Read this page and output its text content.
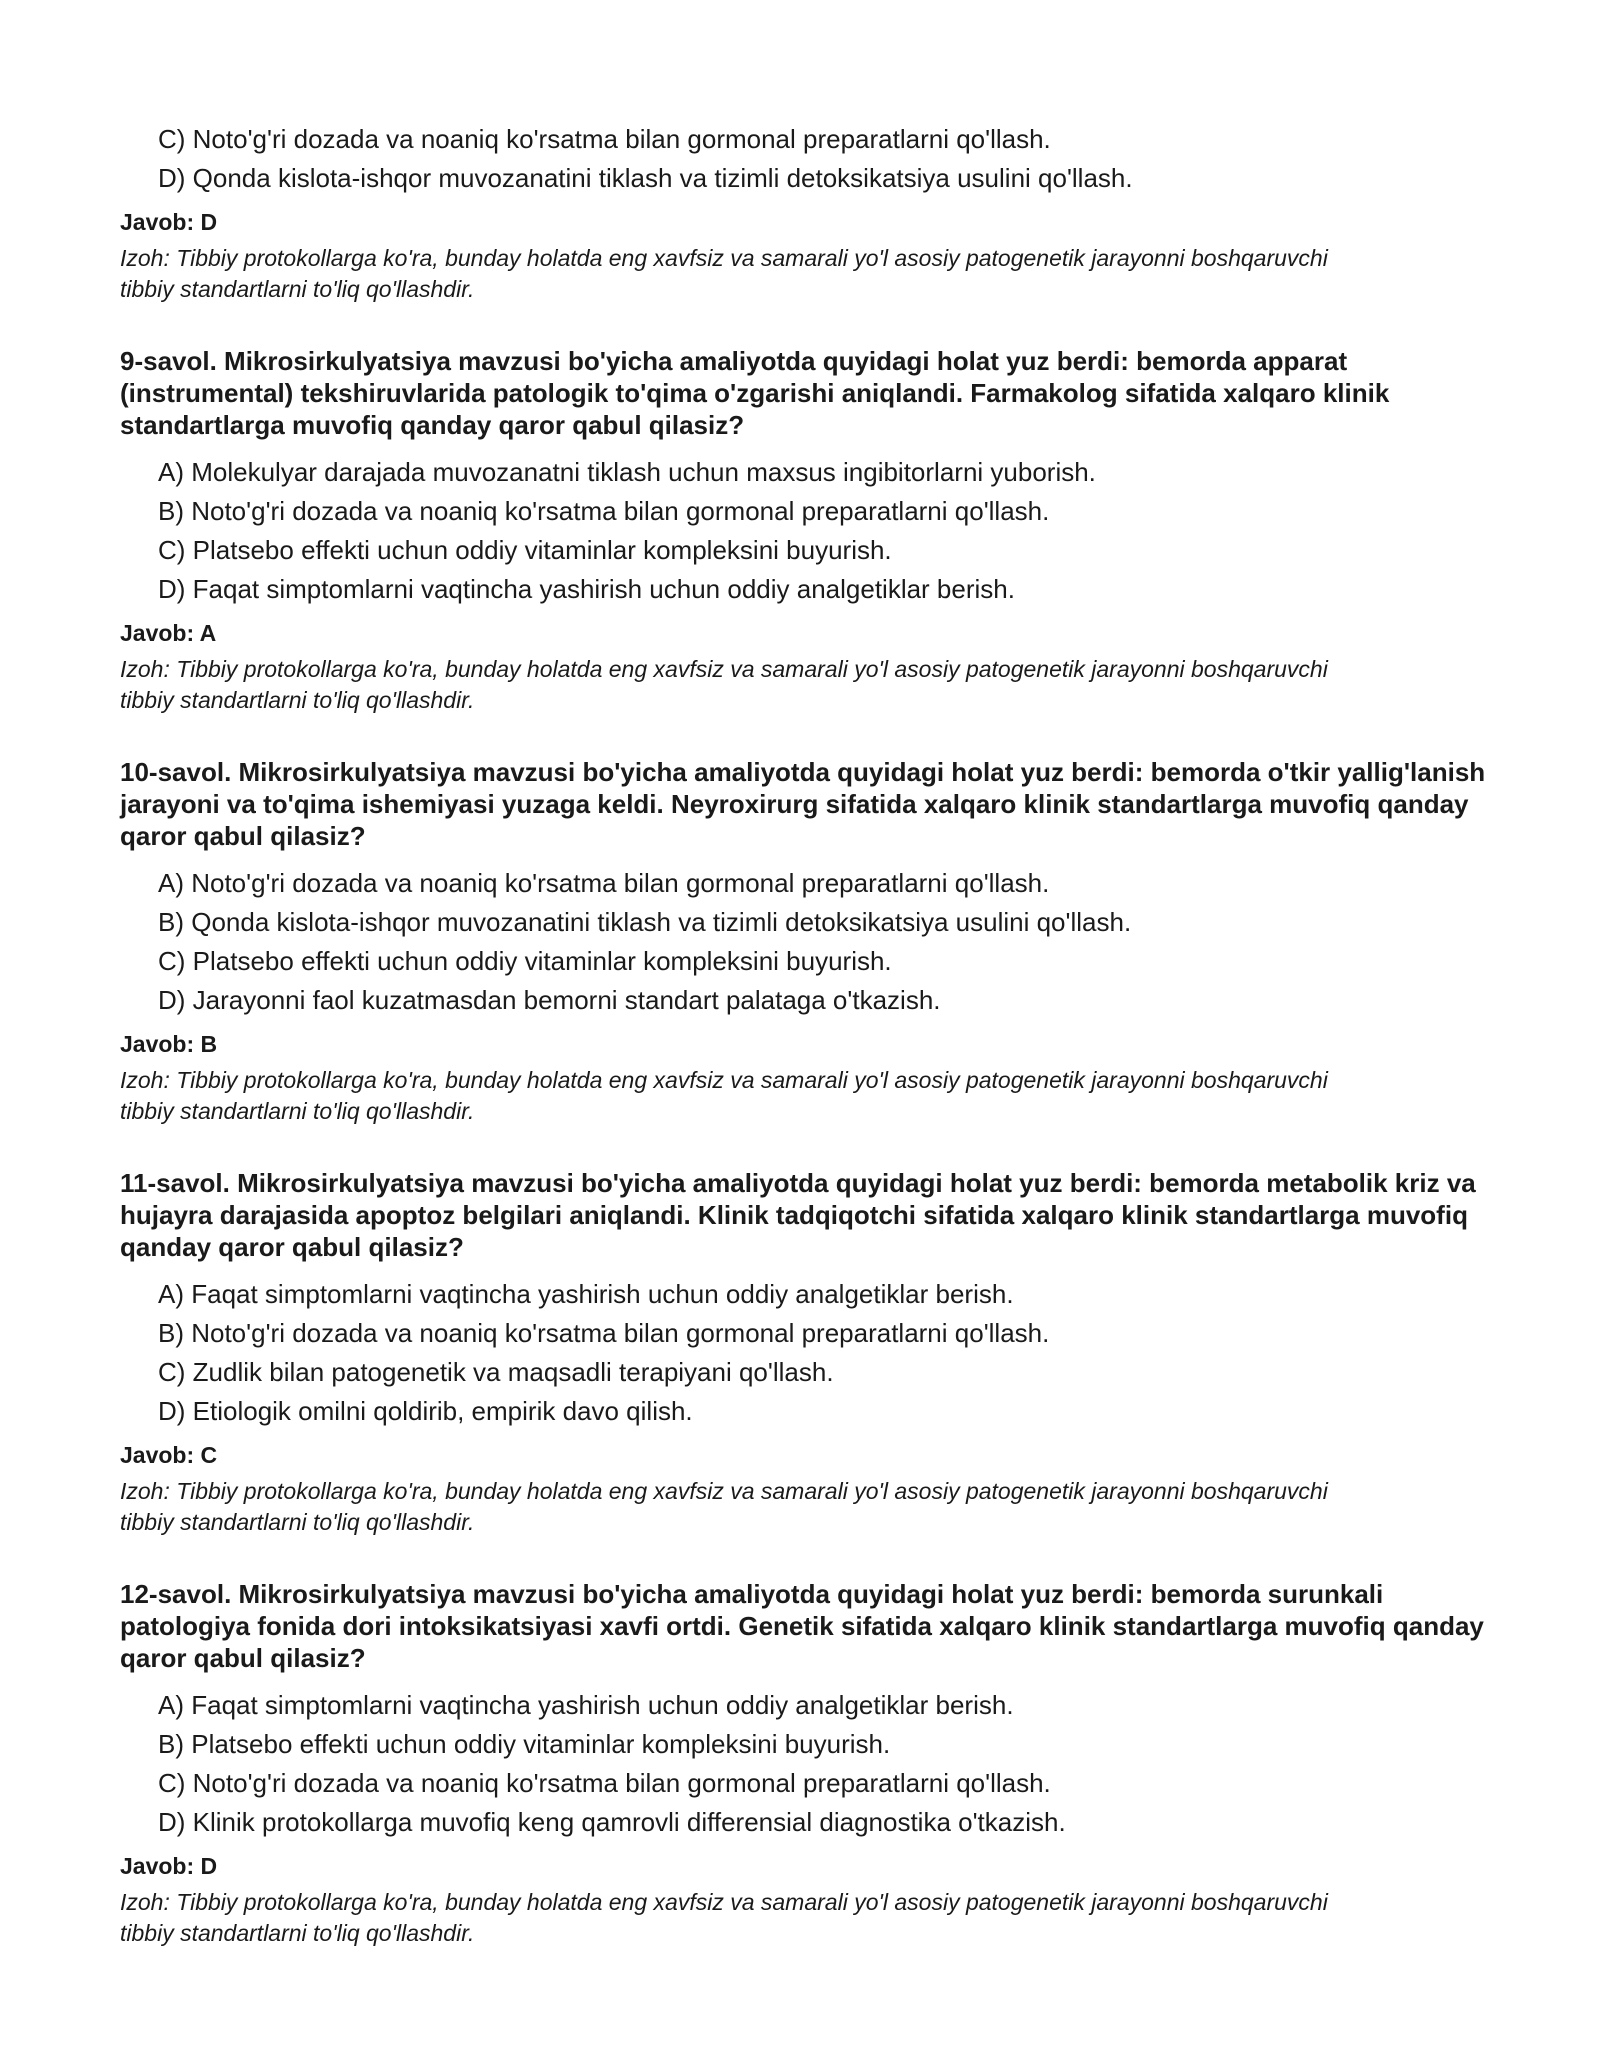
C) Noto'g'ri dozada va noaniq ko'rsatma bilan gormonal preparatlarni qo'llash.
D) Qonda kislota-ishqor muvozanatini tiklash va tizimli detoksikatsiya usulini qo'llash.
Javob: D
Izoh: Tibbiy protokollarga ko'ra, bunday holatda eng xavfsiz va samarali yo'l asosiy patogenetik jarayonni boshqaruvchi tibbiy standartlarni to'liq qo'llashdir.

9-savol. Mikrosirkulyatsiya mavzusi bo'yicha amaliyotda quyidagi holat yuz berdi: bemorda apparat (instrumental) tekshiruvlarida patologik to'qima o'zgarishi aniqlandi. Farmakolog sifatida xalqaro klinik standartlarga muvofiq qanday qaror qabul qilasiz?

A) Molekulyar darajada muvozanatni tiklash uchun maxsus ingibitorlarni yuborish.
B) Noto'g'ri dozada va noaniq ko'rsatma bilan gormonal preparatlarni qo'llash.
C) Platsebo effekti uchun oddiy vitaminlar kompleksini buyurish.
D) Faqat simptomlarni vaqtincha yashirish uchun oddiy analgetiklar berish.
Javob: A
Izoh: Tibbiy protokollarga ko'ra, bunday holatda eng xavfsiz va samarali yo'l asosiy patogenetik jarayonni boshqaruvchi tibbiy standartlarni to'liq qo'llashdir.

10-savol. Mikrosirkulyatsiya mavzusi bo'yicha amaliyotda quyidagi holat yuz berdi: bemorda o'tkir yallig'lanish jarayoni va to'qima ishemiyasi yuzaga keldi. Neyroxirurg sifatida xalqaro klinik standartlarga muvofiq qanday qaror qabul qilasiz?

A) Noto'g'ri dozada va noaniq ko'rsatma bilan gormonal preparatlarni qo'llash.
B) Qonda kislota-ishqor muvozanatini tiklash va tizimli detoksikatsiya usulini qo'llash.
C) Platsebo effekti uchun oddiy vitaminlar kompleksini buyurish.
D) Jarayonni faol kuzatmasdan bemorni standart palataga o'tkazish.
Javob: B
Izoh: Tibbiy protokollarga ko'ra, bunday holatda eng xavfsiz va samarali yo'l asosiy patogenetik jarayonni boshqaruvchi tibbiy standartlarni to'liq qo'llashdir.

11-savol. Mikrosirkulyatsiya mavzusi bo'yicha amaliyotda quyidagi holat yuz berdi: bemorda metabolik kriz va hujayra darajasida apoptoz belgilari aniqlandi. Klinik tadqiqotchi sifatida xalqaro klinik standartlarga muvofiq qanday qaror qabul qilasiz?

A) Faqat simptomlarni vaqtincha yashirish uchun oddiy analgetiklar berish.
B) Noto'g'ri dozada va noaniq ko'rsatma bilan gormonal preparatlarni qo'llash.
C) Zudlik bilan patogenetik va maqsadli terapiyani qo'llash.
D) Etiologik omilni qoldirib, empirik davo qilish.
Javob: C
Izoh: Tibbiy protokollarga ko'ra, bunday holatda eng xavfsiz va samarali yo'l asosiy patogenetik jarayonni boshqaruvchi tibbiy standartlarni to'liq qo'llashdir.

12-savol. Mikrosirkulyatsiya mavzusi bo'yicha amaliyotda quyidagi holat yuz berdi: bemorda surunkali patologiya fonida dori intoksikatsiyasi xavfi ortdi. Genetik sifatida xalqaro klinik standartlarga muvofiq qanday qaror qabul qilasiz?

A) Faqat simptomlarni vaqtincha yashirish uchun oddiy analgetiklar berish.
B) Platsebo effekti uchun oddiy vitaminlar kompleksini buyurish.
C) Noto'g'ri dozada va noaniq ko'rsatma bilan gormonal preparatlarni qo'llash.
D) Klinik protokollarga muvofiq keng qamrovli differensial diagnostika o'tkazish.
Javob: D
Izoh: Tibbiy protokollarga ko'ra, bunday holatda eng xavfsiz va samarali yo'l asosiy patogenetik jarayonni boshqaruvchi tibbiy standartlarni to'liq qo'llashdir.
